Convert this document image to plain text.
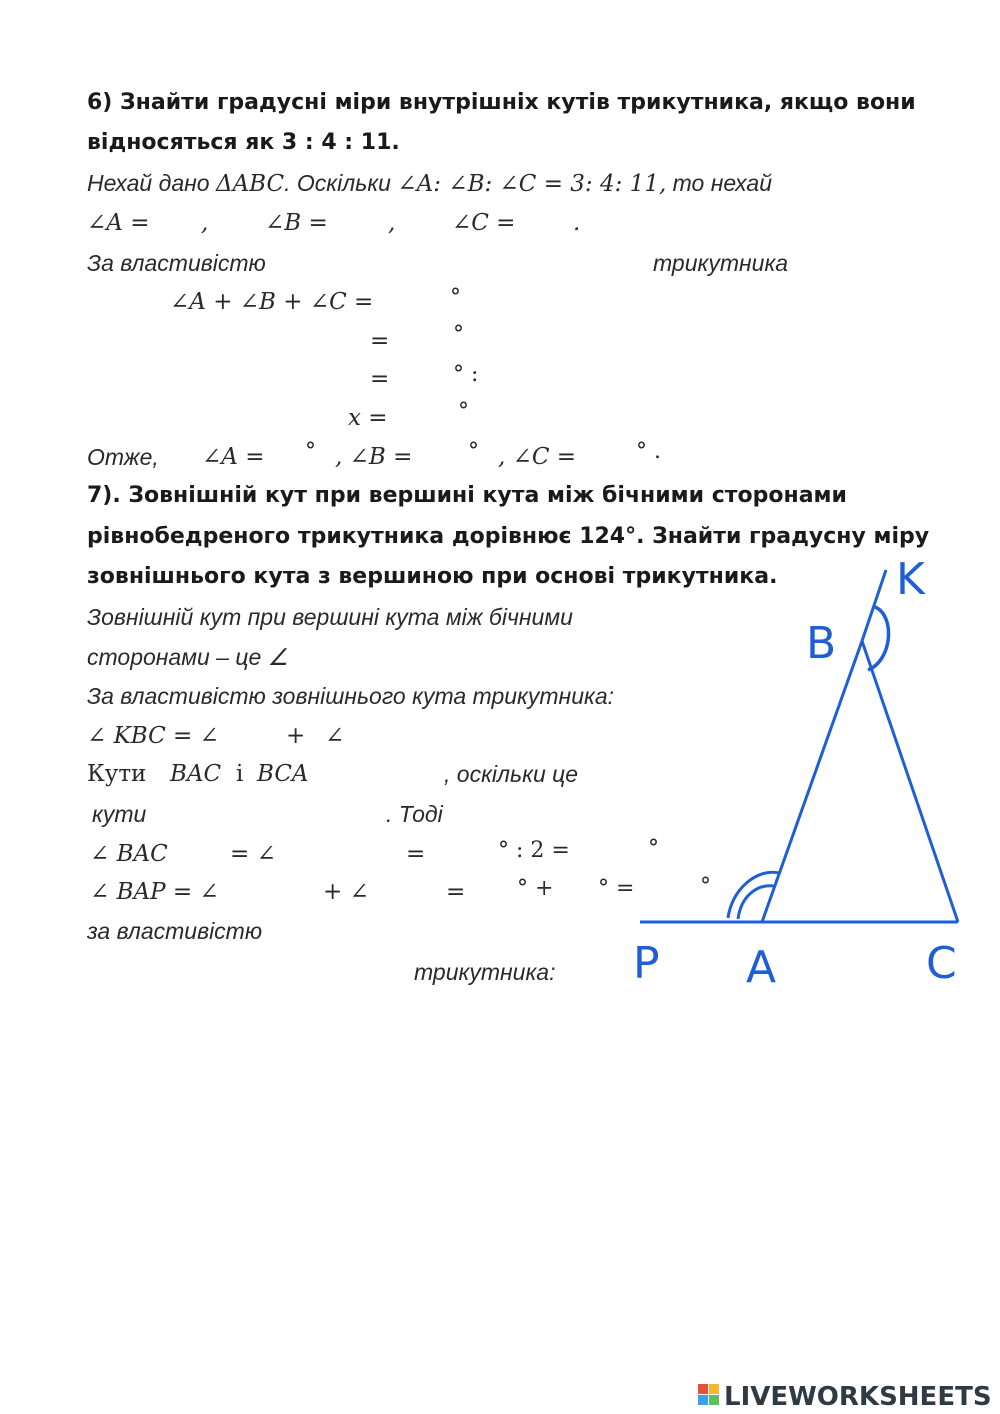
6) Знайти градусні міри внутрішніх кутів трикутника, якщо вони
відносяться як 3 : 4 : 11.
Нехай дано ΔABC. Оскільки ∠A: ∠B: ∠C = 3: 4: 11, то нехай
∠A = , ∠B =	, ∠C =	.
За властивістю	трикутника
∠A + ∠B + ∠C =	°
=	°
=	° :
x =	°
Отже, ∠A = ° , ∠B =	° , ∠C =	° .
7). Зовнішній кут при вершині кута між бічними сторонами
рівнобедреного трикутника дорівнює 124°. Знайти градусну міру
зовнішнього кута з вершиною при основі трикутника.
Зовнішній кут при вершині кута між бічними
сторонами – це ∠
За властивістю зовнішнього кута трикутника:
∠ KBC = ∠	+ ∠
Кути BAC і BCA	, оскільки це
кути	. Тоді
∠ BAC	= ∠	=	° : 2 =	°
∠ BAP = ∠	+ ∠	= ° + ° =	°
за властивістю
трикутника:
K
B
P A	C
LIVEWORKSHEETS
